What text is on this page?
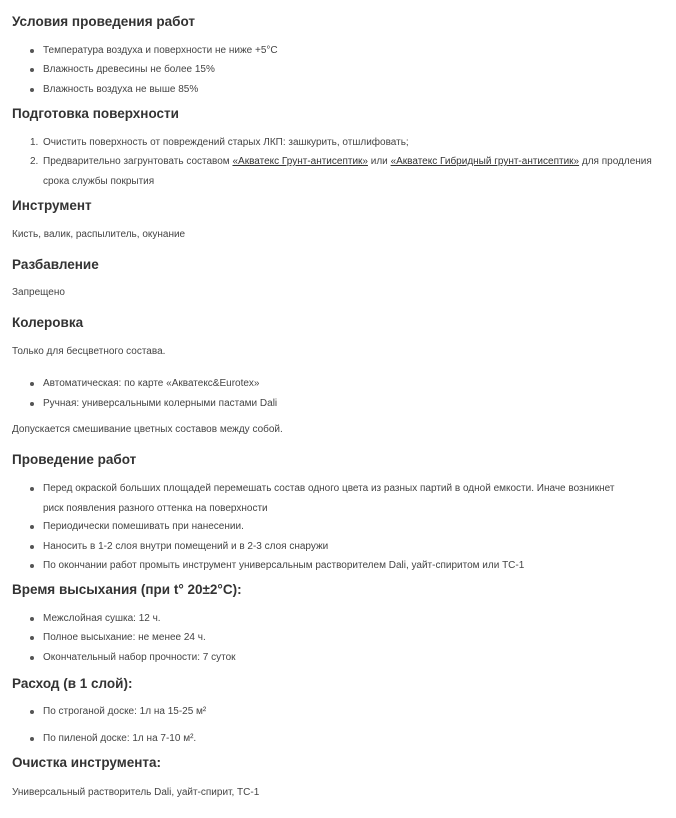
Условия проведения работ
Температура воздуха и поверхности не ниже +5°C
Влажность древесины не более 15%
Влажность воздуха не выше 85%
Подготовка поверхности
1. Очистить поверхность от повреждений старых ЛКП: зашкурить, отшлифовать;
2. Предварительно загрунтовать составом «Акватекс Грунт-антисептик» или «Акватекс Гибридный грунт-антисептик» для продления срока службы покрытия
Инструмент

Кисть, валик, распылитель, окунание

Разбавление

Запрещено

Колеровка

Только для бесцветного состава.

Автоматическая: по карте «Акватекс&Eurotex»
Ручная: универсальными колерными пастами Dali

Допускается смешивание цветных составов между собой.

Проведение работ
Перед окраской больших площадей перемешать состав одного цвета из разных партий в одной емкости. Иначе возникнет риск появления разного оттенка на поверхности
Периодически помешивать при нанесении.
Наносить в 1-2 слоя внутри помещений и в 2-3 слоя снаружи
По окончании работ промыть инструмент универсальным растворителем Dali, уайт-спиритом или ТС-1
Время высыхания (при t° 20±2°C):
Межслойная сушка: 12 ч.
Полное высыхание: не менее 24 ч.
Окончательный набор прочности: 7 суток
Расход (в 1 слой):
По строганой доске: 1л на 15-25 м²
По пиленой доске: 1л на 7-10 м².
Очистка инструмента:

Универсальный растворитель Dali, уайт-спирит, ТС-1
